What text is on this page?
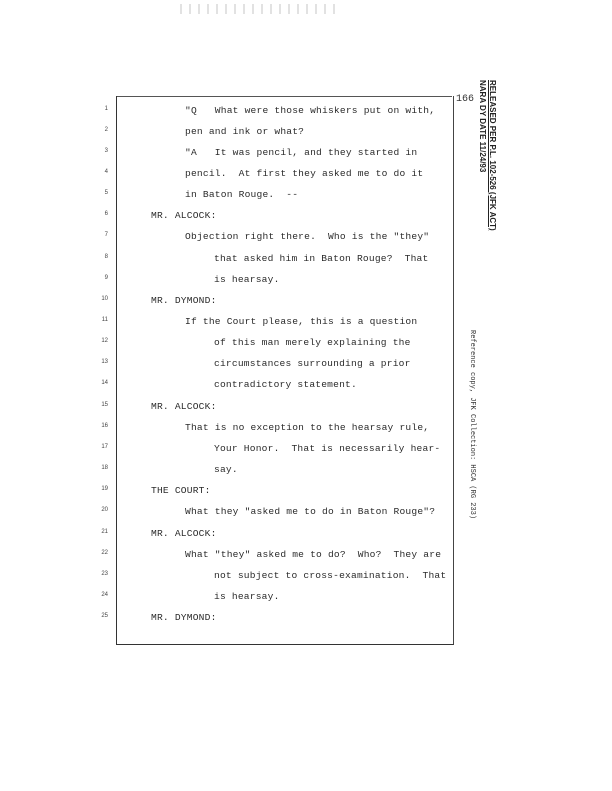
166 RELEASED PER P.L. 102-526 (JFK ACT)
NARA DY DATE 11/24/93
Reference copy, JFK Collection: HSCA (RG 233)
1
2
3
4
5
6
7
8
9
10
11
12
13
14
15
16
17
18
19
20
21
22
23
24
25
"Q   What were those whiskers put on with,
pen and ink or what?
"A   It was pencil, and they started in
pencil.  At first they asked me to do it
in Baton Rouge.  --
MR. ALCOCK:
Objection right there.  Who is the "they"
that asked him in Baton Rouge?  That
is hearsay.
MR. DYMOND:
If the Court please, this is a question
of this man merely explaining the
circumstances surrounding a prior
contradictory statement.
MR. ALCOCK:
That is no exception to the hearsay rule,
Your Honor.  That is necessarily hear-
say.
THE COURT:
What they "asked me to do in Baton Rouge"?
MR. ALCOCK:
What "they" asked me to do?  Who?  They are
not subject to cross-examination.  That
is hearsay.
MR. DYMOND:
